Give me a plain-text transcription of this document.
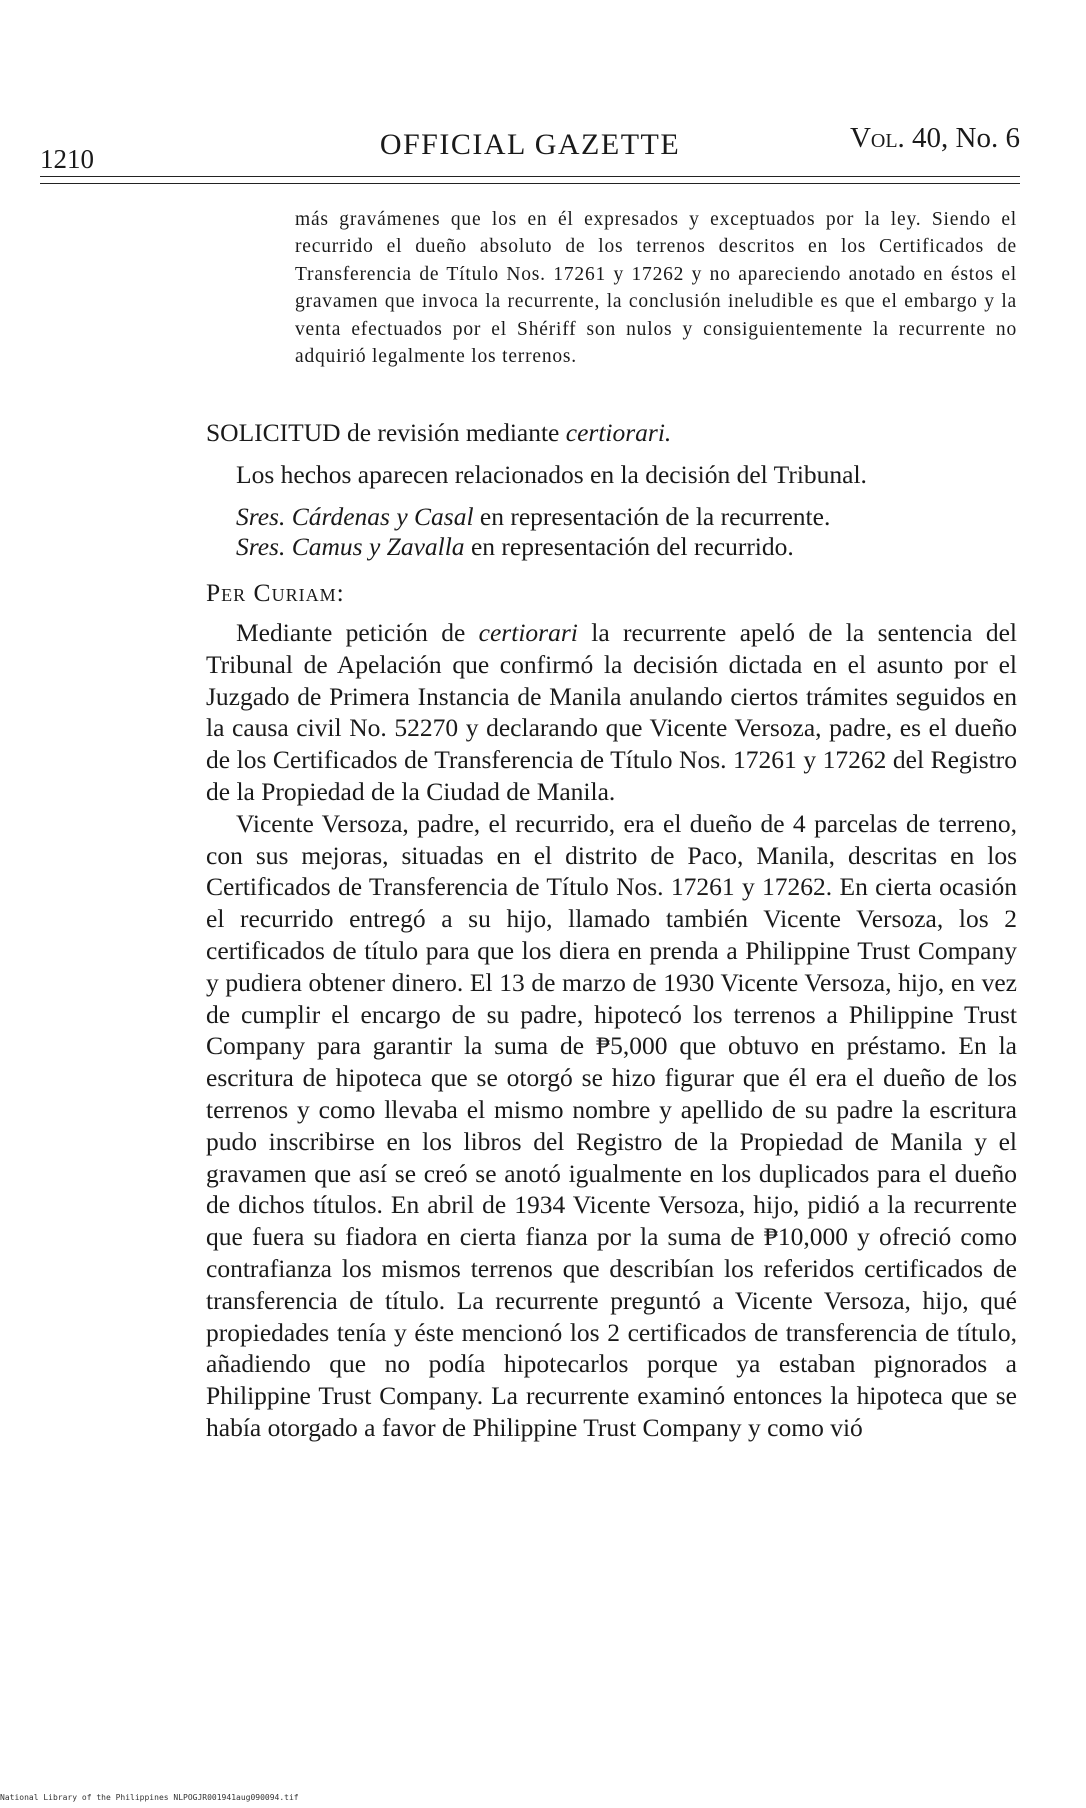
1210	OFFICIAL GAZETTE	Vol. 40, No. 6
más gravámenes que los en él expresados y exceptuados por la ley. Siendo el recurrido el dueño absoluto de los terrenos descritos en los Certificados de Transferencia de Título Nos. 17261 y 17262 y no apareciendo anotado en éstos el gravamen que invoca la recurrente, la conclusión ineludible es que el embargo y la venta efectuados por el Shériff son nulos y consiguientemente la recurrente no adquirió legalmente los terrenos.

SOLICITUD de revisión mediante certiorari.

Los hechos aparecen relacionados en la decisión del Tribunal.

Sres. Cárdenas y Casal en representación de la recurrente.

Sres. Camus y Zavalla en representación del recurrido.

Per Curiam:

Mediante petición de certiorari la recurrente apeló de la sentencia del Tribunal de Apelación que confirmó la decisión dictada en el asunto por el Juzgado de Primera Instancia de Manila anulando ciertos trámites seguidos en la causa civil No. 52270 y declarando que Vicente Versoza, padre, es el dueño de los Certificados de Transferencia de Título Nos. 17261 y 17262 del Registro de la Propiedad de la Ciudad de Manila.

Vicente Versoza, padre, el recurrido, era el dueño de 4 parcelas de terreno, con sus mejoras, situadas en el distrito de Paco, Manila, descritas en los Certificados de Transferencia de Título Nos. 17261 y 17262. En cierta ocasión el recurrido entregó a su hijo, llamado también Vicente Versoza, los 2 certificados de título para que los diera en prenda a Philippine Trust Company y pudiera obtener dinero. El 13 de marzo de 1930 Vicente Versoza, hijo, en vez de cumplir el encargo de su padre, hipotecó los terrenos a Philippine Trust Company para garantir la suma de ₱5,000 que obtuvo en préstamo. En la escritura de hipoteca que se otorgó se hizo figurar que él era el dueño de los terrenos y como llevaba el mismo nombre y apellido de su padre la escritura pudo inscribirse en los libros del Registro de la Propiedad de Manila y el gravamen que así se creó se anotó igualmente en los duplicados para el dueño de dichos títulos. En abril de 1934 Vicente Versoza, hijo, pidió a la recurrente que fuera su fiadora en cierta fianza por la suma de ₱10,000 y ofreció como contrafianza los mismos terrenos que describían los referidos certificados de transferencia de título. La recurrente preguntó a Vicente Versoza, hijo, qué propiedades tenía y éste mencionó los 2 certificados de transferencia de título, añadiendo que no podía hipotecarlos porque ya estaban pignorados a Philippine Trust Company. La recurrente examinó entonces la hipoteca que se había otorgado a favor de Philippine Trust Company y como vió

National Library of the Philippines NLPOGJR001941aug090094.tif
